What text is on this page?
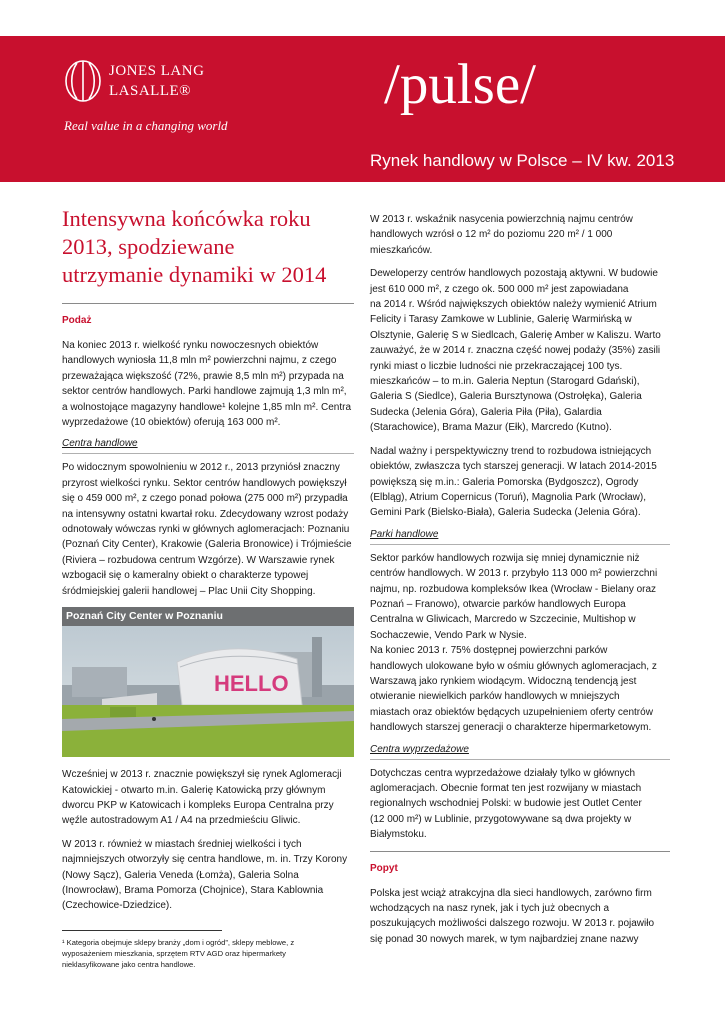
JONES LANG
LASALLE®
Real value in a changing world
/pulse/
Rynek handlowy w Polsce – IV kw. 2013
Intensywna końcówka roku
2013, spodziewane
utrzymanie dynamiki w 2014
Podaż

Na koniec 2013 r. wielkość rynku nowoczesnych obiektów
handlowych wyniosła 11,8 mln m² powierzchni najmu, z czego
przeważająca większość (72%, prawie 8,5 mln m²) przypada na
sektor centrów handlowych. Parki handlowe zajmują 1,3 mln m²,
a wolnostojące magazyny handlowe¹ kolejne 1,85 mln m². Centra
wyprzedażowe (10 obiektów) oferują 163 000 m².

Centra handlowe

Po widocznym spowolnieniu w 2012 r., 2013 przyniósł znaczny
przyrost wielkości rynku. Sektor centrów handlowych powiększył
się o 459 000 m², z czego ponad połowa (275 000 m²) przypadła
na intensywny ostatni kwartał roku. Zdecydowany wzrost podaży
odnotowały wówczas rynki w głównych aglomeracjach: Poznaniu
(Poznań City Center), Krakowie (Galeria Bronowice) i Trójmieście
(Riviera – rozbudowa centrum Wzgórze). W Warszawie rynek
wzbogacił się o kameralny obiekt o charakterze typowej
śródmiejskiej galerii handlowej – Plac Unii City Shopping.

HELLO
Poznań City Center w Poznaniu

Wcześniej w 2013 r. znacznie powiększył się rynek Aglomeracji
Katowickiej - otwarto m.in. Galerię Katowicką przy głównym
dworcu PKP w Katowicach i kompleks Europa Centralna przy
węźle autostradowym A1 / A4 na przedmieściu Gliwic.

W 2013 r. również w miastach średniej wielkości i tych
najmniejszych otworzyły się centra handlowe, m. in. Trzy Korony
(Nowy Sącz), Galeria Veneda (Łomża), Galeria Solna
(Inowrocław), Brama Pomorza (Chojnice), Stara Kablownia
(Czechowice-Dziedzice).

¹ Kategoria obejmuje sklepy branży „dom i ogród”, sklepy meblowe, z
wyposażeniem mieszkania, sprzętem RTV AGD oraz hipermarkety
nieklasyfikowane jako centra handlowe.

W 2013 r. wskaźnik nasycenia powierzchnią najmu centrów
handlowych wzrósł o 12 m² do poziomu 220 m² / 1 000
mieszkańców.

Deweloperzy centrów handlowych pozostają aktywni. W budowie
jest 610 000 m², z czego ok. 500 000 m² jest zapowiadana
na 2014 r. Wśród największych obiektów należy wymienić Atrium
Felicity i Tarasy Zamkowe w Lublinie, Galerię Warmińską w
Olsztynie, Galerię S w Siedlcach, Galerię Amber w Kaliszu. Warto
zauważyć, że w 2014 r. znaczna część nowej podaży (35%) zasili
rynki miast o liczbie ludności nie przekraczającej 100 tys.
mieszkańców – to m.in. Galeria Neptun (Starogard Gdański),
Galeria S (Siedlce), Galeria Bursztynowa (Ostrołęka), Galeria
Sudecka (Jelenia Góra), Galeria Piła (Piła), Galardia
(Starachowice), Brama Mazur (Ełk), Marcredo (Kutno).

Nadal ważny i perspektywiczny trend to rozbudowa istniejących
obiektów, zwłaszcza tych starszej generacji. W latach 2014-2015
powiększą się m.in.: Galeria Pomorska (Bydgoszcz), Ogrody
(Elbląg), Atrium Copernicus (Toruń), Magnolia Park (Wrocław),
Gemini Park (Bielsko-Biała), Galeria Sudecka (Jelenia Góra).

Parki handlowe

Sektor parków handlowych rozwija się mniej dynamicznie niż
centrów handlowych. W 2013 r. przybyło 113 000 m² powierzchni
najmu, np. rozbudowa kompleksów Ikea (Wrocław - Bielany oraz
Poznań – Franowo), otwarcie parków handlowych Europa
Centralna w Gliwicach, Marcredo w Szczecinie, Multishop w
Sochaczewie, Vendo Park w Nysie.
Na koniec 2013 r. 75% dostępnej powierzchni parków
handlowych ulokowane było w ośmiu głównych aglomeracjach, z
Warszawą jako rynkiem wiodącym. Widoczną tendencją jest
otwieranie niewielkich parków handlowych w mniejszych
miastach oraz obiektów będących uzupełnieniem oferty centrów
handlowych starszej generacji o charakterze hipermarketowym.

Centra wyprzedażowe

Dotychczas centra wyprzedażowe działały tylko w głównych
aglomeracjach. Obecnie format ten jest rozwijany w miastach
regionalnych wschodniej Polski: w budowie jest Outlet Center
(12 000 m²) w Lublinie, przygotowywane są dwa projekty w
Białymstoku.

Popyt

Polska jest wciąż atrakcyjna dla sieci handlowych, zarówno firm
wchodzących na nasz rynek, jak i tych już obecnych a
poszukujących możliwości dalszego rozwoju. W 2013 r. pojawiło
się ponad 30 nowych marek, w tym najbardziej znane nazwy
